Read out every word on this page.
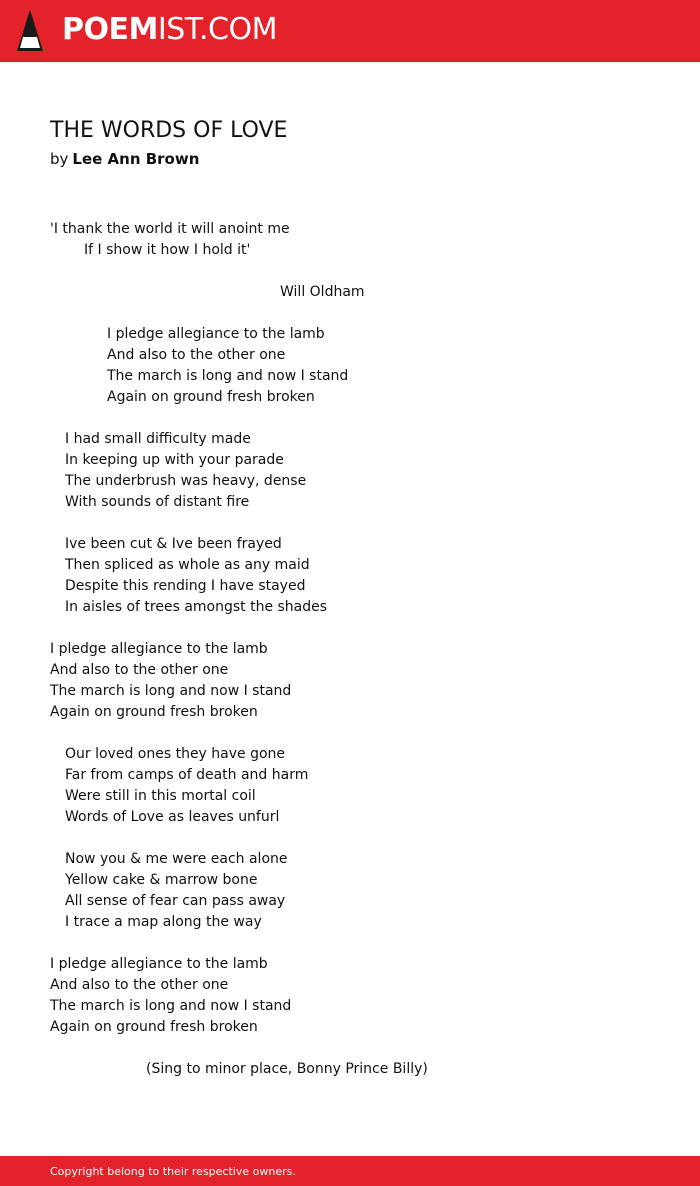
POEMIST.COM
THE WORDS OF LOVE
by Lee Ann Brown
'I thank the world it will anoint me
If I show it how I hold it'
Will Oldham
I pledge allegiance to the lamb
And also to the other one
The march is long and now I stand
Again on ground fresh broken
I had small difficulty made
In keeping up with your parade
The underbrush was heavy, dense
With sounds of distant fire
Ive been cut & Ive been frayed
Then spliced as whole as any maid
Despite this rending I have stayed
In aisles of trees amongst the shades
I pledge allegiance to the lamb
And also to the other one
The march is long and now I stand
Again on ground fresh broken
Our loved ones they have gone
Far from camps of death and harm
Were still in this mortal coil
Words of Love as leaves unfurl
Now you & me were each alone
Yellow cake & marrow bone
All sense of fear can pass away
I trace a map along the way
I pledge allegiance to the lamb
And also to the other one
The march is long and now I stand
Again on ground fresh broken
(Sing to minor place, Bonny Prince Billy)
Copyright belong to their respective owners.
